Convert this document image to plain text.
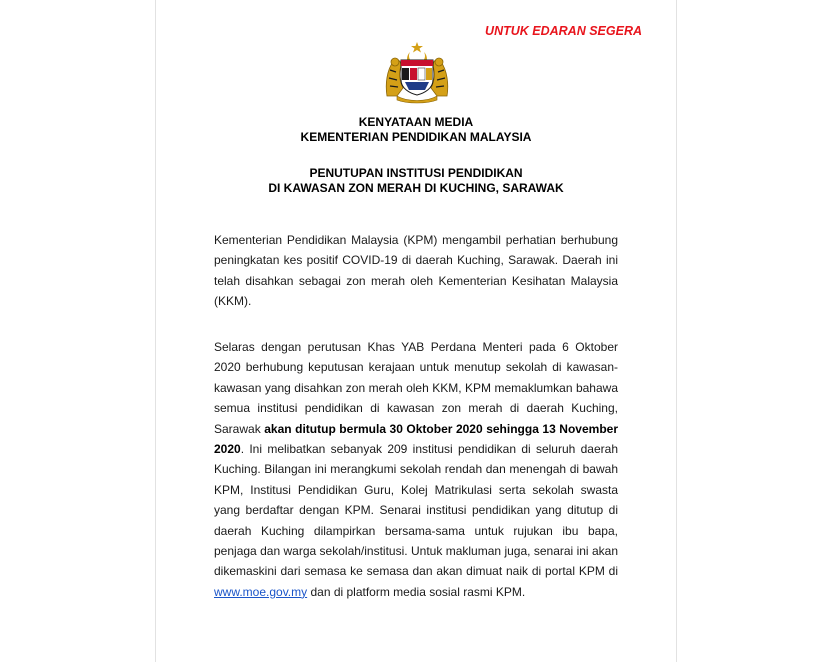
UNTUK EDARAN SEGERA
KENYATAAN MEDIA
KEMENTERIAN PENDIDIKAN MALAYSIA
PENUTUPAN INSTITUSI PENDIDIKAN
DI KAWASAN ZON MERAH DI KUCHING, SARAWAK
Kementerian Pendidikan Malaysia (KPM) mengambil perhatian berhubung peningkatan kes positif COVID-19 di daerah Kuching, Sarawak. Daerah ini telah disahkan sebagai zon merah oleh Kementerian Kesihatan Malaysia (KKM).
Selaras dengan perutusan Khas YAB Perdana Menteri pada 6 Oktober 2020 berhubung keputusan kerajaan untuk menutup sekolah di kawasan-kawasan yang disahkan zon merah oleh KKM, KPM memaklumkan bahawa semua institusi pendidikan di kawasan zon merah di daerah Kuching, Sarawak akan ditutup bermula 30 Oktober 2020 sehingga 13 November 2020. Ini melibatkan sebanyak 209 institusi pendidikan di seluruh daerah Kuching. Bilangan ini merangkumi sekolah rendah dan menengah di bawah KPM, Institusi Pendidikan Guru, Kolej Matrikulasi serta sekolah swasta yang berdaftar dengan KPM. Senarai institusi pendidikan yang ditutup di daerah Kuching dilampirkan bersama-sama untuk rujukan ibu bapa, penjaga dan warga sekolah/institusi. Untuk makluman juga, senarai ini akan dikemaskini dari semasa ke semasa dan akan dimuat naik di portal KPM di www.moe.gov.my dan di platform media sosial rasmi KPM.
